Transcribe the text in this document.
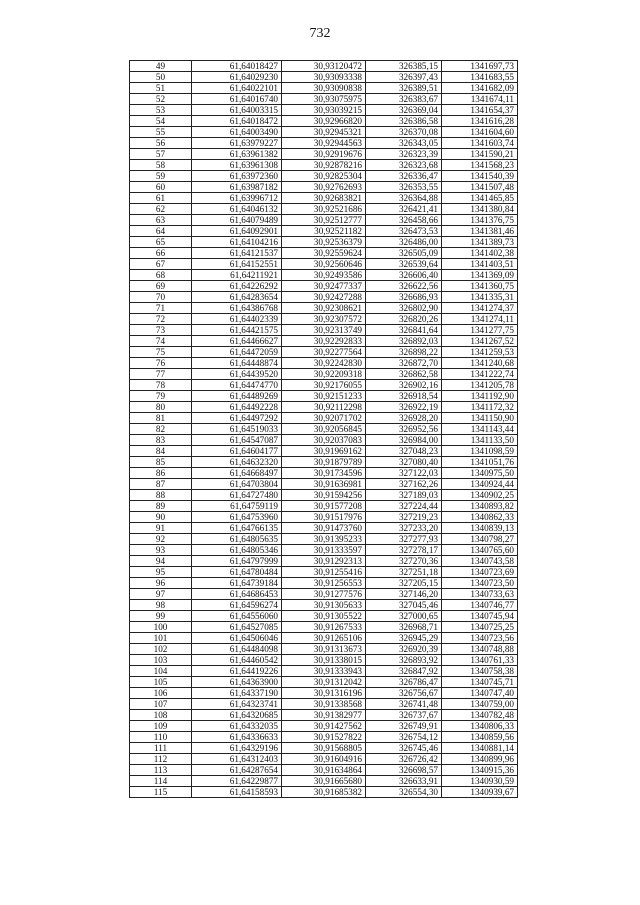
732
49	61,64018427	30,93120472	326385,15	1341697,73
50	61,64029230	30,93093338	326397,43	1341683,55
51	61,64022101	30,93090838	326389,51	1341682,09
52	61,64016740	30,93075975	326383,67	1341674,11
53	61,64003315	30,93039215	326369,04	1341654,37
54	61,64018472	30,92966820	326386,58	1341616,28
55	61,64003490	30,92945321	326370,08	1341604,60
56	61,63979227	30,92944563	326343,05	1341603,74
57	61,63961382	30,92919676	326323,39	1341590,21
58	61,63961308	30,92878216	326323,68	1341568,23
59	61,63972360	30,92825304	326336,47	1341540,39
60	61,63987182	30,92762693	326353,55	1341507,48
61	61,63996712	30,92683821	326364,88	1341465,85
62	61,64046132	30,92521686	326421,41	1341380,84
63	61,64079489	30,92512777	326458,66	1341376,75
64	61,64092901	30,92521182	326473,53	1341381,46
65	61,64104216	30,92536379	326486,00	1341389,73
66	61,64121537	30,92559624	326505,09	1341402,38
67	61,64152551	30,92560646	326539,64	1341403,51
68	61,64211921	30,92493586	326606,40	1341369,09
69	61,64226292	30,92477337	326622,56	1341360,75
70	61,64283654	30,92427288	326686,93	1341335,31
71	61,64386768	30,92308621	326802,90	1341274,37
72	61,64402339	30,92307572	326820,26	1341274,11
73	61,64421575	30,92313749	326841,64	1341277,75
74	61,64466627	30,92292833	326892,03	1341267,52
75	61,64472059	30,92277564	326898,22	1341259,53
76	61,64448874	30,92242830	326872,70	1341240,68
77	61,64439520	30,92209318	326862,58	1341222,74
78	61,64474770	30,92176055	326902,16	1341205,78
79	61,64489269	30,92151233	326918,54	1341192,90
80	61,64492228	30,92112298	326922,19	1341172,32
81	61,64497292	30,92071702	326928,20	1341150,90
82	61,64519033	30,92056845	326952,56	1341143,44
83	61,64547087	30,92037083	326984,00	1341133,50
84	61,64604177	30,91969162	327048,23	1341098,59
85	61,64632320	30,91879789	327080,40	1341051,76
86	61,64668497	30,91734596	327122,03	1340975,50
87	61,64703804	30,91636981	327162,26	1340924,44
88	61,64727480	30,91594256	327189,03	1340902,25
89	61,64759119	30,91577208	327224,44	1340893,82
90	61,64753960	30,91517976	327219,23	1340862,33
91	61,64766135	30,91473760	327233,20	1340839,13
92	61,64805635	30,91395233	327277,93	1340798,27
93	61,64805346	30,91333597	327278,17	1340765,60
94	61,64797999	30,91292313	327270,36	1340743,58
95	61,64780484	30,91255416	327251,18	1340723,69
96	61,64739184	30,91256553	327205,15	1340723,50
97	61,64686453	30,91277576	327146,20	1340733,63
98	61,64596274	30,91305633	327045,46	1340746,77
99	61,64556060	30,91305522	327000,65	1340745,94
100	61,64527085	30,91267533	326968,71	1340725,25
101	61,64506046	30,91265106	326945,29	1340723,56
102	61,64484098	30,91313673	326920,39	1340748,88
103	61,64460542	30,91338015	326893,92	1340761,33
104	61,64419226	30,91333943	326847,92	1340758,38
105	61,64363900	30,91312042	326786,47	1340745,71
106	61,64337190	30,91316196	326756,67	1340747,40
107	61,64323741	30,91338568	326741,48	1340759,00
108	61,64320685	30,91382977	326737,67	1340782,48
109	61,64332035	30,91427562	326749,91	1340806,33
110	61,64336633	30,91527822	326754,12	1340859,56
111	61,64329196	30,91568805	326745,46	1340881,14
112	61,64312403	30,91604916	326726,42	1340899,96
113	61,64287654	30,91634864	326698,57	1340915,36
114	61,64229877	30,91665680	326633,91	1340930,59
115	61,64158593	30,91685382	326554,30	1340939,67
